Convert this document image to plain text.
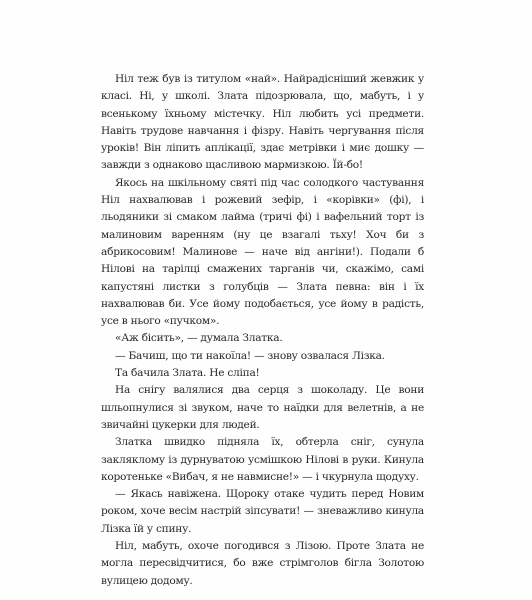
Ніл теж був із титулом «най». Найрадісніший жевжик у класі. Ні, у школі. Злата підозрювала, що, мабуть, і у всенькому їхньому містечку. Ніл любить усі предмети. Навіть трудове навчання і фізру. Навіть чергування після уроків! Він ліпить аплікації, здає метрівки і миє дошку — завжди з однаково щасливою мармизкою. Їй-бо!

Якось на шкільному святі під час солодкого частування Ніл нахвалював і рожевий зефір, і «корівки» (фі), і льодяники зі смаком лайма (тричі фі) і вафельний торт із малиновим варенням (ну це взагалі тьху! Хоч би з абрикосовим! Малинове — наче від ангіни!). Подали б Нілові на тарілці смажених тарганів чи, скажімо, самі капустяні листки з голубців — Злата певна: він і їх нахвалював би. Усе йому подобається, усе йому в радість, усе в нього «пучком».

«Аж бісить», — думала Златка.

— Бачиш, що ти накоїла! — знову озвалася Лізка.

Та бачила Злата. Не сліпа!

На снігу валялися два серця з шоколаду. Це вони шльопнулися зі звуком, наче то наїдки для велетнів, а не звичайні цукерки для людей.

Златка швидко підняла їх, обтерла сніг, сунула закляклому із дурнуватою усмішкою Нілові в руки. Кинула коротеньке «Вибач, я не навмисне!» — і чкурнула щодуху.

— Якась навіжена. Щороку отаке чудить перед Новим роком, хоче весім настрій зіпсувати! — зневажливо кинула Лізка їй у спину.

Ніл, мабуть, охоче погодився з Лізою. Проте Злата не могла пересвідчитися, бо вже стрімголов бігла Золотою вулицею додому.
